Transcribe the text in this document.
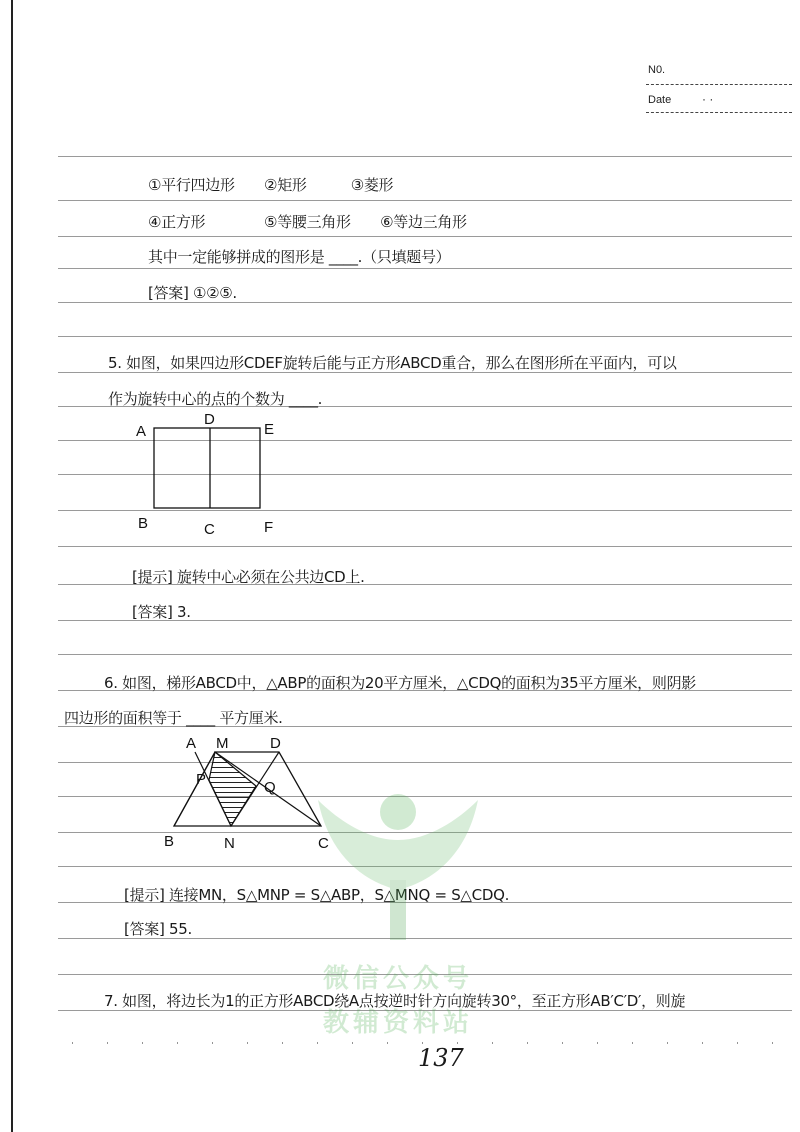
N0.
Date	· ·
①平行四边形　　②矩形　　　③菱形
④正方形　　　　⑤等腰三角形　　⑥等边三角形
其中一定能够拼成的图形是 ____.（只填题号）
[答案] ①②⑤.
5. 如图，如果四边形CDEF旋转后能与正方形ABCD重合，那么在图形所在平面内，可以
作为旋转中心的点的个数为 ____.
[提示] 旋转中心必须在公共边CD上.
[答案] 3.
6. 如图，梯形ABCD中，△ABP的面积为20平方厘米，△CDQ的面积为35平方厘米，则阴影
四边形的面积等于 ____ 平方厘米.
[提示] 连接MN，S△MNP = S△ABP，S△MNQ = S△CDQ.
[答案] 55.
7. 如图，将边长为1的正方形ABCD绕A点按逆时针方向旋转30°，至正方形AB′C′D′，则旋
A
D
E
B	C	F
A M	D
P	Q
B	N	C
微信公众号
教辅资料站
137
